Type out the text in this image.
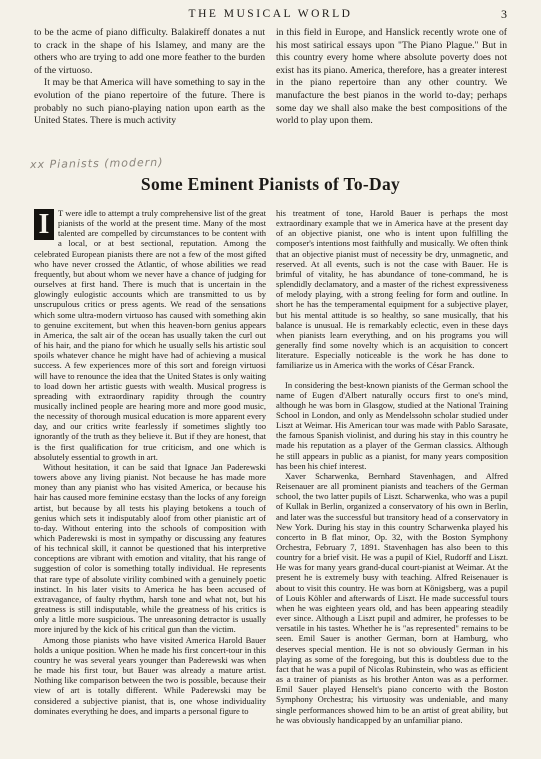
THE MUSICAL WORLD	3

to be the acme of piano difficulty. Balakireff donates a nut to crack in the shape of his Islamey, and many are the others who are trying to add one more feather to the burden of the virtuoso.

It may be that America will have something to say in the evolution of the piano repertoire of the future. There is probably no such piano-playing nation upon earth as the United States. There is much activity

in this field in Europe, and Hanslick recently wrote one of his most satirical essays upon "The Piano Plague." But in this country every home where absolute poverty does not exist has its piano. America, therefore, has a greater interest in the piano repertoire than any other country. We manufacture the best pianos in the world to-day; perhaps some day we shall also make the best compositions of the world to play upon them.

xx Pianists (modern)
Some Eminent Pianists of To-Day

I T were idle to attempt a truly comprehensive list of the great pianists of the world at the present time. Many of the most talented are compelled by circumstances to be content with a local, or at best sectional, reputation. Among the celebrated European pianists there are not a few of the most gifted who have never crossed the Atlantic, of whose abilities we read frequently, but about whom we never have a chance of judging for ourselves at first hand. There is much that is uncertain in the glowingly eulogistic accounts which are transmitted to us by unscrupulous critics or press agents. We read of the sensations which some ultra-modern virtuoso has caused with something akin to genuine excitement, but when this heaven-born genius appears in America, the salt air of the ocean has usually taken the curl out of his hair, and the piano for which he usually sells his artistic soul spoils whatever chance he might have had of achieving a musical success. A few experiences more of this sort and foreign virtuosi will have to renounce the idea that the United States is only waiting to load down her artistic guests with wealth. Musical progress is spreading with extraordinary rapidity through the country musically inclined people are hearing more and more good music, the necessity of thorough musical education is more apparent every day, and our critics write fearlessly if sometimes slightly too ignorantly of the truth as they believe it. But if they are honest, that is the first qualification for true criticism, and one which is absolutely essential to growth in art.

Without hesitation, it can be said that Ignace Jan Paderewski towers above any living pianist. Not because he has made more money than any pianist who has visited America, or because his hair has caused more feminine ecstasy than the locks of any foreign artist, but because by all tests his playing betokens a touch of genius which sets it indisputably aloof from other pianistic art of to-day. Without entering into the schools of composition with which Paderewski is most in sympathy or discussing any features of his technical skill, it cannot be questioned that his interpretive conceptions are vibrant with emotion and vitality, that his range of suggestion of color is something totally individual. He represents that rare type of absolute virility combined with a genuinely poetic instinct. In his later visits to America he has been accused of extravagance, of faulty rhythm, harsh tone and what not, but his greatness is still indisputable, while the greatness of his critics is only a little more suspicious. The unreasoning detractor is usually more injured by the kick of his critical gun than the victim.

Among those pianists who have visited America Harold Bauer holds a unique position. When he made his first concert-tour in this country he was several years younger than Paderewski was when he made his first tour, but Bauer was already a mature artist. Nothing like comparison between the two is possible, because their view of art is totally different. While Paderewski may be considered a subjective pianist, that is, one whose individuality dominates everything he does, and imparts a personal figure to

his treatment of tone, Harold Bauer is perhaps the most extraordinary example that we in America have at the present day of an objective pianist, one who is intent upon fulfilling the composer's intentions most faithfully and musically. We often think that an objective pianist must of necessity be dry, unmagnetic, and reserved. At all events, such is not the case with Bauer. He is brimful of vitality, he has abundance of tone-command, he is splendidly declamatory, and a master of the richest expressiveness of melody playing, with a strong feeling for form and outline. In short he has the temperamental equipment for a subjective player, but his mental attitude is so healthy, so sane musically, that his balance is unusual. He is remarkably eclectic, even in these days when pianists learn everything, and on his programs you will generally find some novelty which is an acquisition to concert literature. Especially noticeable is the work he has done to familiarize us in America with the works of César Franck.

In considering the best-known pianists of the German school the name of Eugen d'Albert naturally occurs first to one's mind, although he was born in Glasgow, studied at the National Training School in London, and only as Mendelssohn scholar studied under Liszt at Weimar. His American tour was made with Pablo Sarasate, the famous Spanish violinist, and during his stay in this country he made his reputation as a player of the German classics. Although he still appears in public as a pianist, for many years composition has been his chief interest.

Xaver Scharwenka, Bernhard Stavenhagen, and Alfred Reisenauer are all prominent pianists and teachers of the German school, the two latter pupils of Liszt. Scharwenka, who was a pupil of Kullak in Berlin, organized a conservatory of his own in Berlin, and later was the successful but transitory head of a conservatory in New York. During his stay in this country Scharwenka played his concerto in B flat minor, Op. 32, with the Boston Symphony Orchestra, February 7, 1891. Stavenhagen has also been to this country for a brief visit. He was a pupil of Kiel, Rudorff and Liszt. He was for many years grand-ducal court-pianist at Weimar. At the present he is extremely busy with teaching. Alfred Reisenauer is about to visit this country. He was born at Königsberg, was a pupil of Louis Köhler and afterwards of Liszt. He made successful tours when he was eighteen years old, and has been appearing steadily ever since. Although a Liszt pupil and admirer, he professes to be versatile in his tastes. Whether he is "as represented" remains to be seen. Emil Sauer is another German, born at Hamburg, who deserves special mention. He is not so obviously German in his playing as some of the foregoing, but this is doubtless due to the fact that he was a pupil of Nicolas Rubinstein, who was as efficient as a trainer of pianists as his brother Anton was as a performer. Emil Sauer played Henselt's piano concerto with the Boston Symphony Orchestra; his virtuosity was undeniable, and many single performances showed him to be an artist of great ability, but he was obviously handicapped by an unfamiliar piano.
